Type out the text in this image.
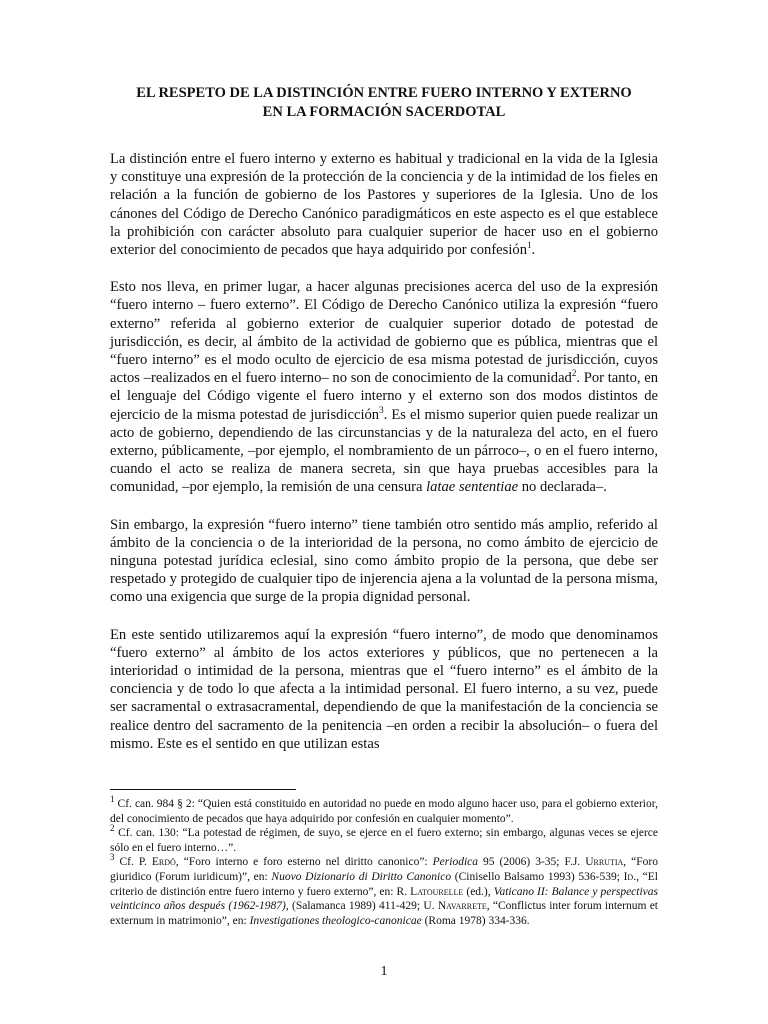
EL RESPETO DE LA DISTINCIÓN ENTRE FUERO INTERNO Y EXTERNO
EN LA FORMACIÓN SACERDOTAL

La distinción entre el fuero interno y externo es habitual y tradicional en la vida de la Iglesia y constituye una expresión de la protección de la conciencia y de la intimidad de los fieles en relación a la función de gobierno de los Pastores y superiores de la Iglesia. Uno de los cánones del Código de Derecho Canónico paradigmáticos en este aspecto es el que establece la prohibición con carácter absoluto para cualquier superior de hacer uso en el gobierno exterior del conocimiento de pecados que haya adquirido por confesión$^1$.

Esto nos lleva, en primer lugar, a hacer algunas precisiones acerca del uso de la expresión “fuero interno – fuero externo”. El Código de Derecho Canónico utiliza la expresión “fuero externo” referida al gobierno exterior de cualquier superior dotado de potestad de jurisdicción, es decir, al ámbito de la actividad de gobierno que es pública, mientras que el “fuero interno” es el modo oculto de ejercicio de esa misma potestad de jurisdicción, cuyos actos –realizados en el fuero interno– no son de conocimiento de la comunidad$^2$. Por tanto, en el lenguaje del Código vigente el fuero interno y el externo son dos modos distintos de ejercicio de la misma potestad de jurisdicción$^3$. Es el mismo superior quien puede realizar un acto de gobierno, dependiendo de las circunstancias y de la naturaleza del acto, en el fuero externo, públicamente, –por ejemplo, el nombramiento de un párroco–, o en el fuero interno, cuando el acto se realiza de manera secreta, sin que haya pruebas accesibles para la comunidad, –por ejemplo, la remisión de una censura latae sententiae no declarada–.

Sin embargo, la expresión “fuero interno” tiene también otro sentido más amplio, referido al ámbito de la conciencia o de la interioridad de la persona, no como ámbito de ejercicio de ninguna potestad jurídica eclesial, sino como ámbito propio de la persona, que debe ser respetado y protegido de cualquier tipo de injerencia ajena a la voluntad de la persona misma, como una exigencia que surge de la propia dignidad personal.

En este sentido utilizaremos aquí la expresión “fuero interno”, de modo que denominamos “fuero externo” al ámbito de los actos exteriores y públicos, que no pertenecen a la interioridad o intimidad de la persona, mientras que el “fuero interno” es el ámbito de la conciencia y de todo lo que afecta a la intimidad personal. El fuero interno, a su vez, puede ser sacramental o extrasacramental, dependiendo de que la manifestación de la conciencia se realice dentro del sacramento de la penitencia –en orden a recibir la absolución– o fuera del mismo. Este es el sentido en que utilizan estas

$^1$ Cf. can. 984 § 2: “Quien está constituido en autoridad no puede en modo alguno hacer uso, para el gobierno exterior, del conocimiento de pecados que haya adquirido por confesión en cualquier momento”.

$^2$ Cf. can. 130: “La potestad de régimen, de suyo, se ejerce en el fuero externo; sin embargo, algunas veces se ejerce sólo en el fuero interno…”.

$^3$ Cf. P. Erdö, “Foro interno e foro esterno nel diritto canonico”: Periodica 95 (2006) 3-35; F.J. Urrutia, “Foro giuridico (Forum iuridicum)”, en: Nuovo Dizionario di Diritto Canonico (Cinisello Balsamo 1993) 536-539; Id., “El criterio de distinción entre fuero interno y fuero externo”, en: R. Latourelle (ed.), Vaticano II: Balance y perspectivas veinticinco años después (1962-1987), (Salamanca 1989) 411-429; U. Navarrete, “Conflictus inter forum internum et externum in matrimonio”, en: Investigationes theologico-canonicae (Roma 1978) 334-336.

1
